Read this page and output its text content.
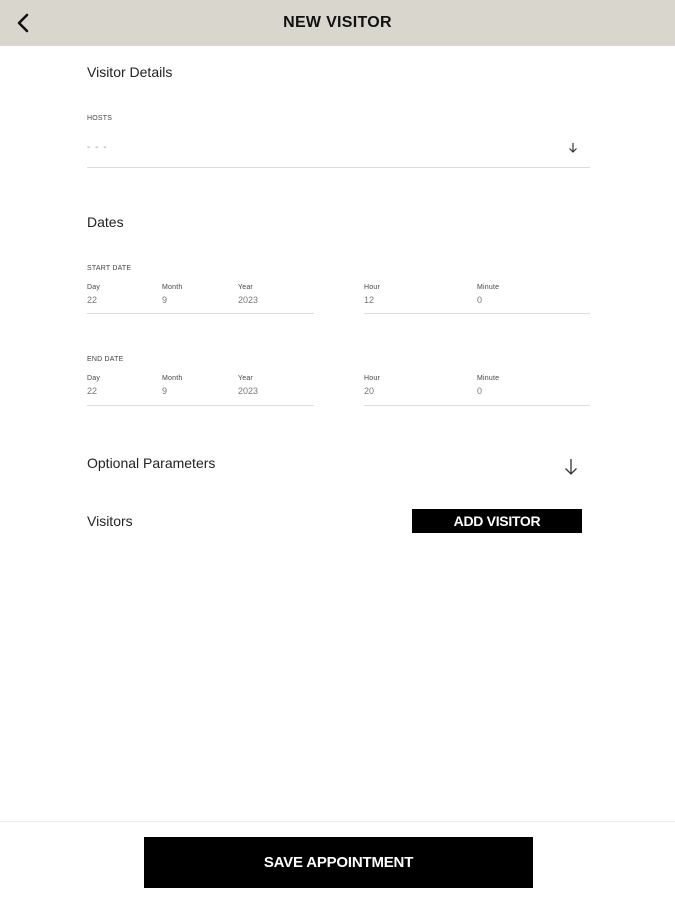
NEW VISITOR
Visitor Details
HOSTS
- - -
Dates
START DATE
Day
22
Month
9
Year
2023
Hour
12
Minute
0
END DATE
Day
22
Month
9
Year
2023
Hour
20
Minute
0
Optional Parameters
Visitors	ADD VISITOR
SAVE APPOINTMENT
